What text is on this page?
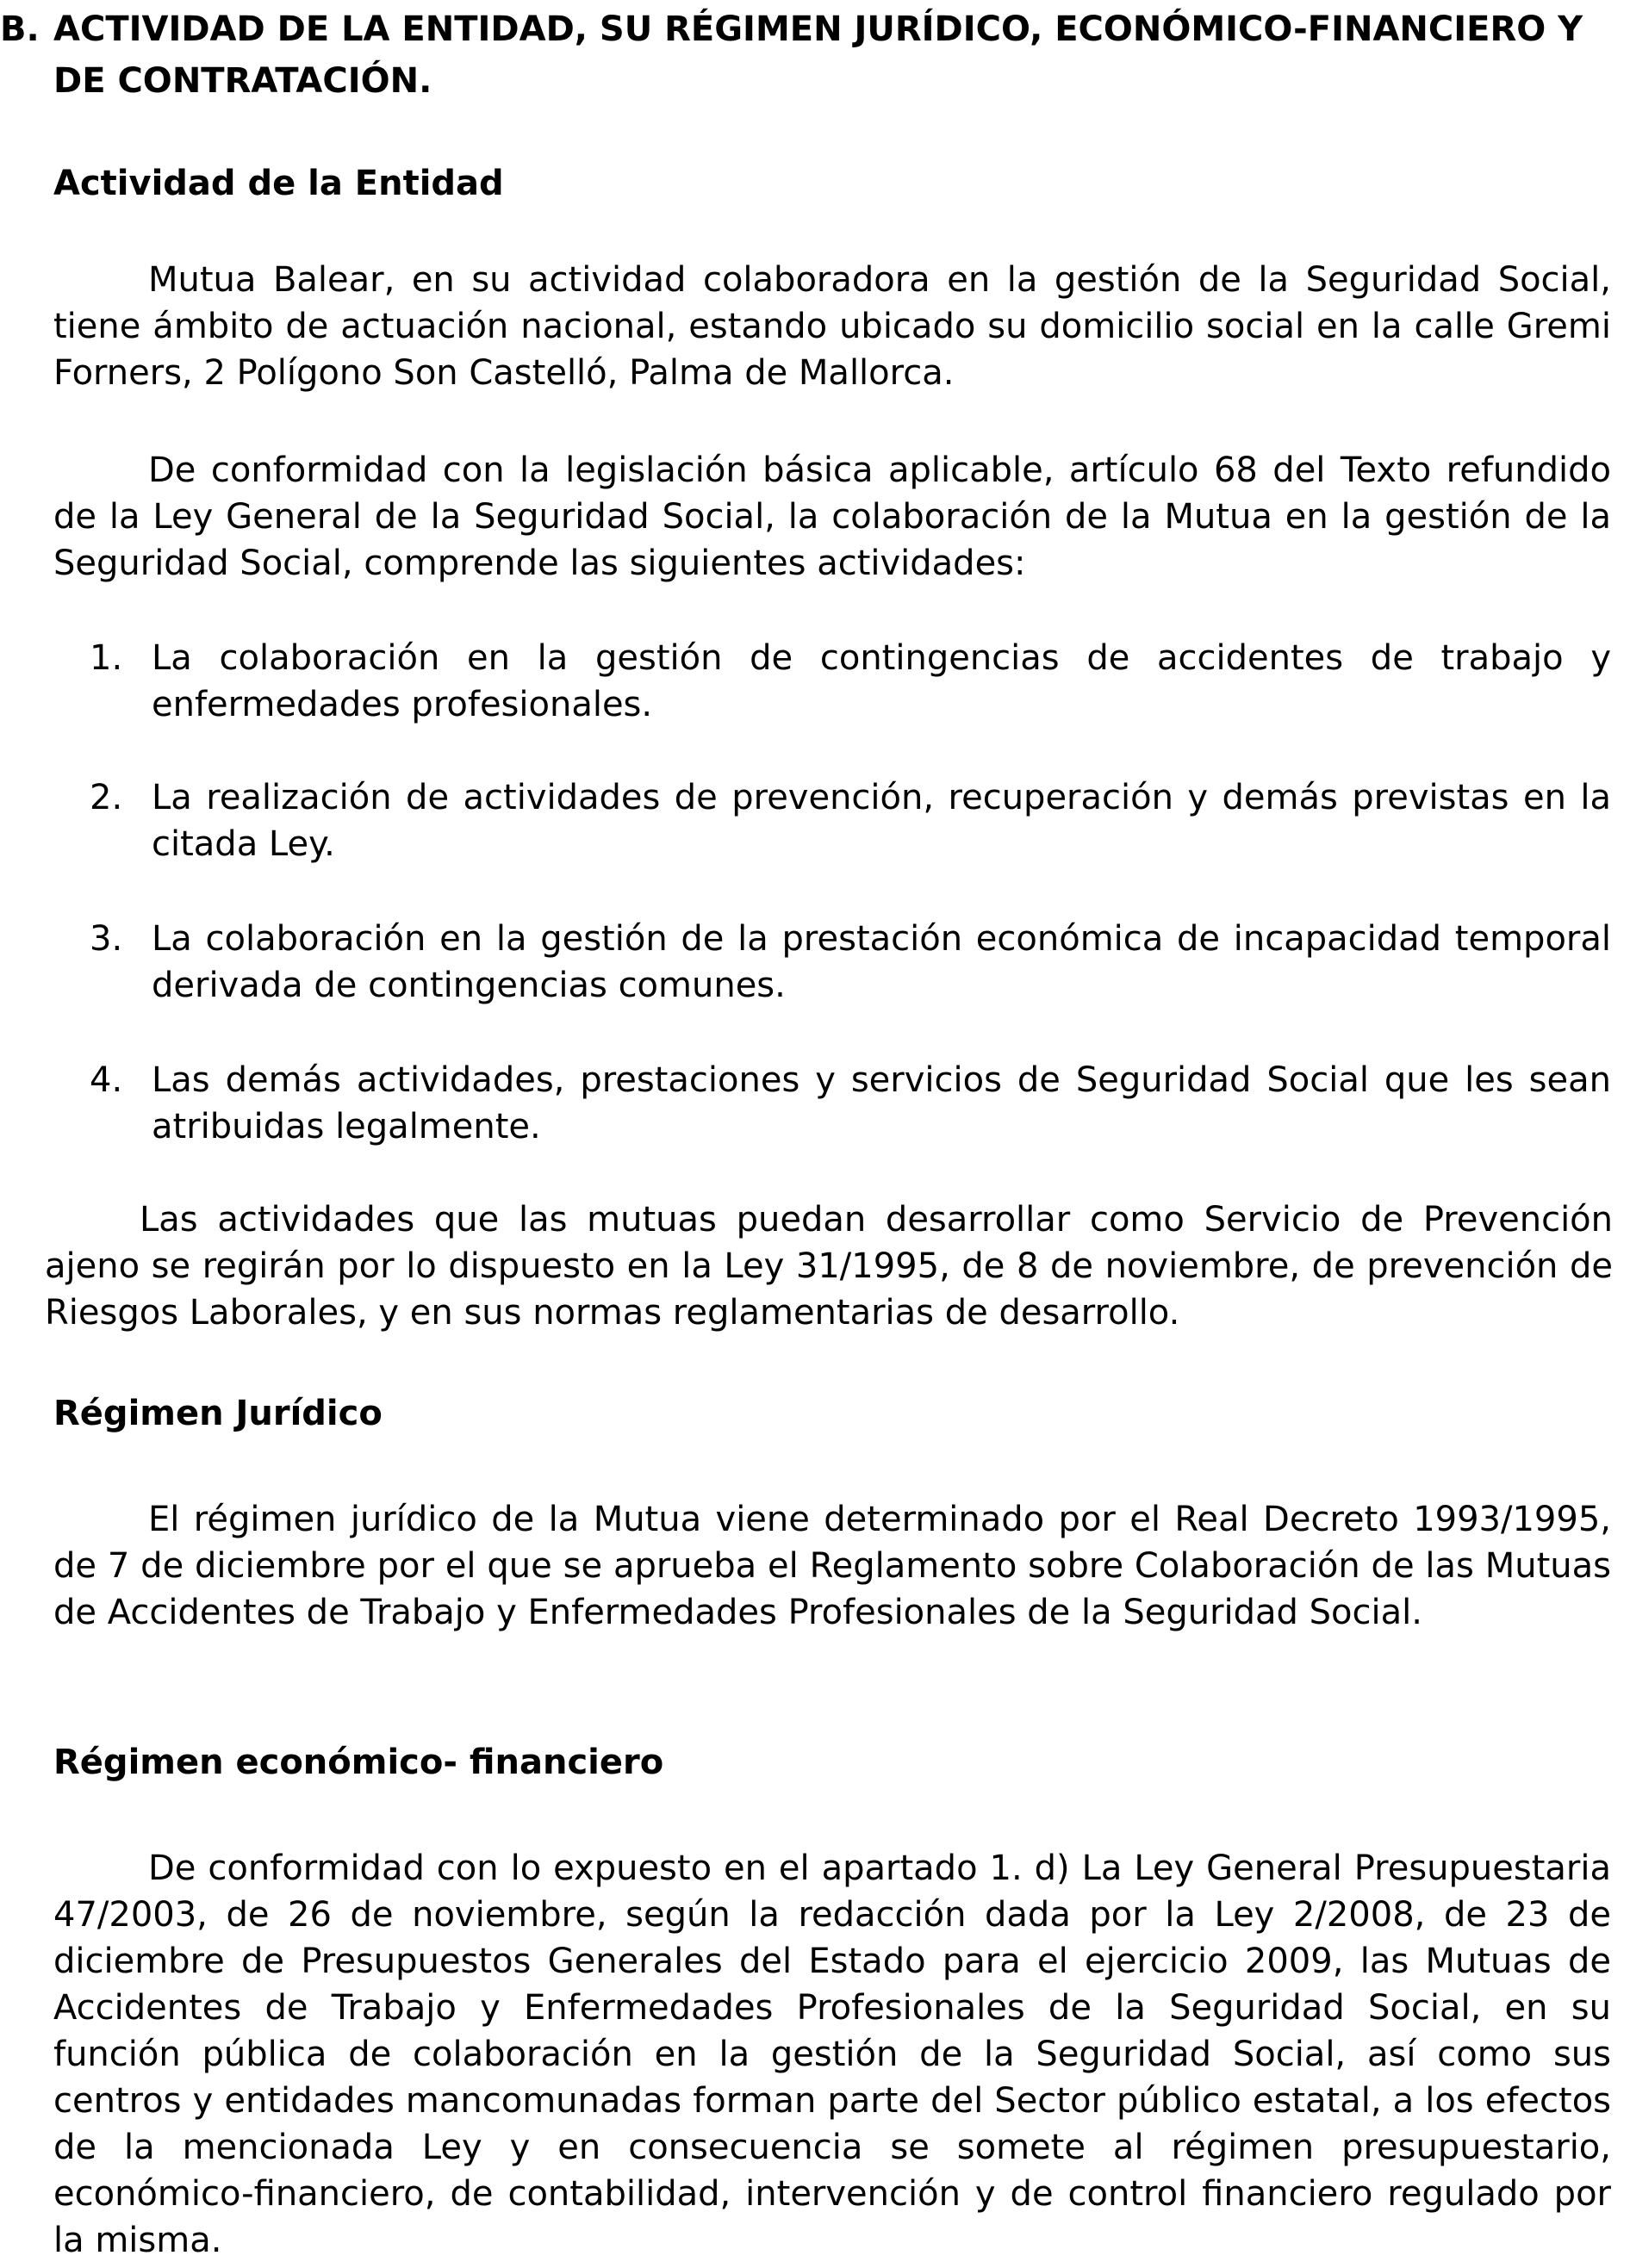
B. ACTIVIDAD DE LA ENTIDAD, SU RÉGIMEN JURÍDICO, ECONÓMICO-FINANCIERO Y DE CONTRATACIÓN.
Actividad de la Entidad

Mutua Balear, en su actividad colaboradora en la gestión de la Seguridad Social, tiene ámbito de actuación nacional, estando ubicado su domicilio social en la calle Gremi Forners, 2 Polígono Son Castelló, Palma de Mallorca.

De conformidad con la legislación básica aplicable, artículo 68 del Texto refundido de la Ley General de la Seguridad Social, la colaboración de la Mutua en la gestión de la Seguridad Social, comprende las siguientes actividades:

1. La colaboración en la gestión de contingencias de accidentes de trabajo y enfermedades profesionales.
2. La realización de actividades de prevención, recuperación y demás previstas en la citada Ley.
3. La colaboración en la gestión de la prestación económica de incapacidad temporal derivada de contingencias comunes.
4. Las demás actividades, prestaciones y servicios de Seguridad Social que les sean atribuidas legalmente.

Las actividades que las mutuas puedan desarrollar como Servicio de Prevención ajeno se regirán por lo dispuesto en la Ley 31/1995, de 8 de noviembre, de prevención de Riesgos Laborales, y en sus normas reglamentarias de desarrollo.

Régimen Jurídico

El régimen jurídico de la Mutua viene determinado por el Real Decreto 1993/1995, de 7 de diciembre por el que se aprueba el Reglamento sobre Colaboración de las Mutuas de Accidentes de Trabajo y Enfermedades Profesionales de la Seguridad Social.

Régimen económico- financiero

De conformidad con lo expuesto en el apartado 1. d) La Ley General Presupuestaria 47/2003, de 26 de noviembre, según la redacción dada por la Ley 2/2008, de 23 de diciembre de Presupuestos Generales del Estado para el ejercicio 2009, las Mutuas de Accidentes de Trabajo y Enfermedades Profesionales de la Seguridad Social, en su función pública de colaboración en la gestión de la Seguridad Social, así como sus centros y entidades mancomunadas forman parte del Sector público estatal, a los efectos de la mencionada Ley y en consecuencia se somete al régimen presupuestario, económico-financiero, de contabilidad, intervención y de control financiero regulado por la misma.
